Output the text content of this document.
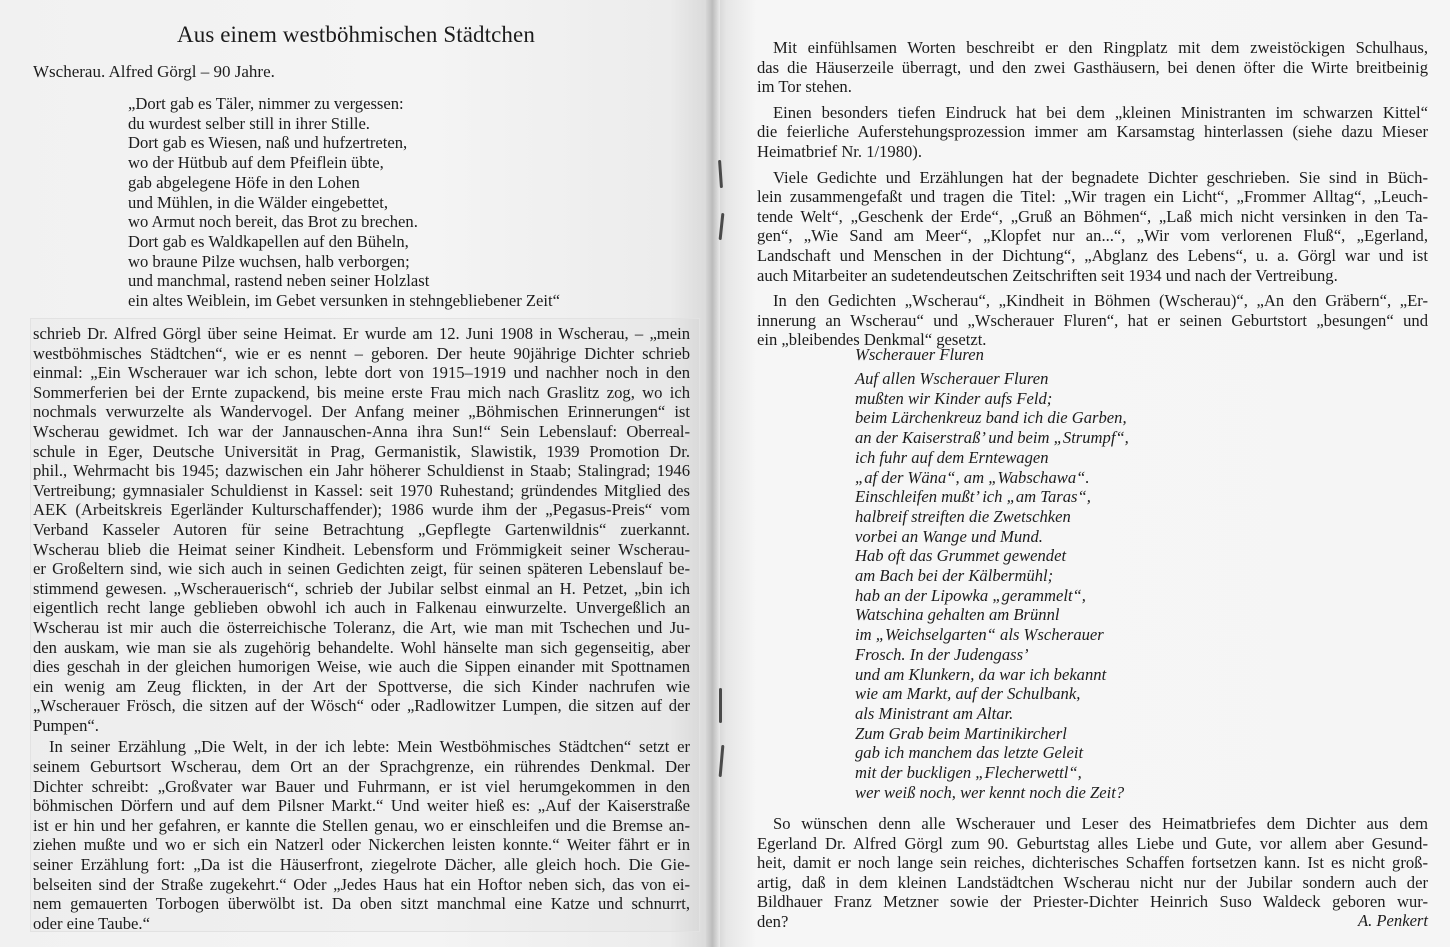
Aus einem westböhmischen Städtchen
Wscherau. Alfred Görgl – 90 Jahre.
„Dort gab es Täler, nimmer zu vergessen:
du wurdest selber still in ihrer Stille.
Dort gab es Wiesen, naß und hufzertreten,
wo der Hütbub auf dem Pfeiflein übte,
gab abgelegene Höfe in den Lohen
und Mühlen, in die Wälder eingebettet,
wo Armut noch bereit, das Brot zu brechen.
Dort gab es Waldkapellen auf den Büheln,
wo braune Pilze wuchsen, halb verborgen;
und manchmal, rastend neben seiner Holzlast
ein altes Weiblein, im Gebet versunken in stehngebliebener Zeit“
schrieb Dr. Alfred Görgl über seine Heimat. Er wurde am 12. Juni 1908 in Wscherau, – „mein
westböhmisches Städtchen“, wie er es nennt – geboren. Der heute 90jährige Dichter schrieb
einmal: „Ein Wscherauer war ich schon, lebte dort von 1915–1919 und nachher noch in den
Sommerferien bei der Ernte zupackend, bis meine erste Frau mich nach Graslitz zog, wo ich
nochmals verwurzelte als Wandervogel. Der Anfang meiner „Böhmischen Erinnerungen“ ist
Wscherau gewidmet. Ich war der Jannauschen-Anna ihra Sun!“ Sein Lebenslauf: Oberreal-
schule in Eger, Deutsche Universität in Prag, Germanistik, Slawistik, 1939 Promotion Dr.
phil., Wehrmacht bis 1945; dazwischen ein Jahr höherer Schuldienst in Staab; Stalingrad; 1946
Vertreibung; gymnasialer Schuldienst in Kassel: seit 1970 Ruhestand; gründendes Mitglied des
AEK (Arbeitskreis Egerländer Kulturschaffender); 1986 wurde ihm der „Pegasus-Preis“ vom
Verband Kasseler Autoren für seine Betrachtung „Gepflegte Gartenwildnis“ zuerkannt.
Wscherau blieb die Heimat seiner Kindheit. Lebensform und Frömmigkeit seiner Wscherau-
er Großeltern sind, wie sich auch in seinen Gedichten zeigt, für seinen späteren Lebenslauf be-
stimmend gewesen. „Wscherauerisch“, schrieb der Jubilar selbst einmal an H. Petzet, „bin ich
eigentlich recht lange geblieben obwohl ich auch in Falkenau einwurzelte. Unvergeßlich an
Wscherau ist mir auch die österreichische Toleranz, die Art, wie man mit Tschechen und Ju-
den auskam, wie man sie als zugehörig behandelte. Wohl hänselte man sich gegenseitig, aber
dies geschah in der gleichen humorigen Weise, wie auch die Sippen einander mit Spottnamen
ein wenig am Zeug flickten, in der Art der Spottverse, die sich Kinder nachrufen wie
„Wscherauer Frösch, die sitzen auf der Wösch“ oder „Radlowitzer Lumpen, die sitzen auf der
Pumpen“.
In seiner Erzählung „Die Welt, in der ich lebte: Mein Westböhmisches Städtchen“ setzt er
seinem Geburtsort Wscherau, dem Ort an der Sprachgrenze, ein rührendes Denkmal. Der
Dichter schreibt: „Großvater war Bauer und Fuhrmann, er ist viel herumgekommen in den
böhmischen Dörfern und auf dem Pilsner Markt.“ Und weiter hieß es: „Auf der Kaiserstraße
ist er hin und her gefahren, er kannte die Stellen genau, wo er einschleifen und die Bremse an-
ziehen mußte und wo er sich ein Natzerl oder Nickerchen leisten konnte.“ Weiter fährt er in
seiner Erzählung fort: „Da ist die Häuserfront, ziegelrote Dächer, alle gleich hoch. Die Gie-
belseiten sind der Straße zugekehrt.“ Oder „Jedes Haus hat ein Hoftor neben sich, das von ei-
nem gemauerten Torbogen überwölbt ist. Da oben sitzt manchmal eine Katze und schnurrt,
oder eine Taube.“
Mit einfühlsamen Worten beschreibt er den Ringplatz mit dem zweistöckigen Schulhaus,
das die Häuserzeile überragt, und den zwei Gasthäusern, bei denen öfter die Wirte breitbeinig
im Tor stehen.
Einen besonders tiefen Eindruck hat bei dem „kleinen Ministranten im schwarzen Kittel“
die feierliche Auferstehungsprozession immer am Karsamstag hinterlassen (siehe dazu Mieser
Heimatbrief Nr. 1/1980).
Viele Gedichte und Erzählungen hat der begnadete Dichter geschrieben. Sie sind in Büch-
lein zusammengefaßt und tragen die Titel: „Wir tragen ein Licht“, „Frommer Alltag“, „Leuch-
tende Welt“, „Geschenk der Erde“, „Gruß an Böhmen“, „Laß mich nicht versinken in den Ta-
gen“, „Wie Sand am Meer“, „Klopfet nur an...“, „Wir vom verlorenen Fluß“, „Egerland,
Landschaft und Menschen in der Dichtung“, „Abglanz des Lebens“, u. a. Görgl war und ist
auch Mitarbeiter an sudetendeutschen Zeitschriften seit 1934 und nach der Vertreibung.
In den Gedichten „Wscherau“, „Kindheit in Böhmen (Wscherau)“, „An den Gräbern“, „Er-
innerung an Wscherau“ und „Wscherauer Fluren“, hat er seinen Geburtstort „besungen“ und
ein „bleibendes Denkmal“ gesetzt.
Wscherauer Fluren
Auf allen Wscherauer Fluren
mußten wir Kinder aufs Feld;
beim Lärchenkreuz band ich die Garben,
an der Kaiserstraß’ und beim „Strumpf“,
ich fuhr auf dem Erntewagen
„af der Wäna“, am „Wabschawa“.
Einschleifen mußt’ ich „am Taras“,
halbreif streiften die Zwetschken
vorbei an Wange und Mund.
Hab oft das Grummet gewendet
am Bach bei der Kälbermühl;
hab an der Lipowka „gerammelt“,
Watschina gehalten am Brünnl
im „Weichselgarten“ als Wscherauer
Frosch. In der Judengass’
und am Klunkern, da war ich bekannt
wie am Markt, auf der Schulbank,
als Ministrant am Altar.
Zum Grab beim Martinikircherl
gab ich manchem das letzte Geleit
mit der buckligen „Flecherwettl“,
wer weiß noch, wer kennt noch die Zeit?
So wünschen denn alle Wscherauer und Leser des Heimatbriefes dem Dichter aus dem
Egerland Dr. Alfred Görgl zum 90. Geburtstag alles Liebe und Gute, vor allem aber Gesund-
heit, damit er noch lange sein reiches, dichterisches Schaffen fortsetzen kann. Ist es nicht groß-
artig, daß in dem kleinen Landstädtchen Wscherau nicht nur der Jubilar sondern auch der
Bildhauer Franz Metzner sowie der Priester-Dichter Heinrich Suso Waldeck geboren wur-
den?	A. Penkert
